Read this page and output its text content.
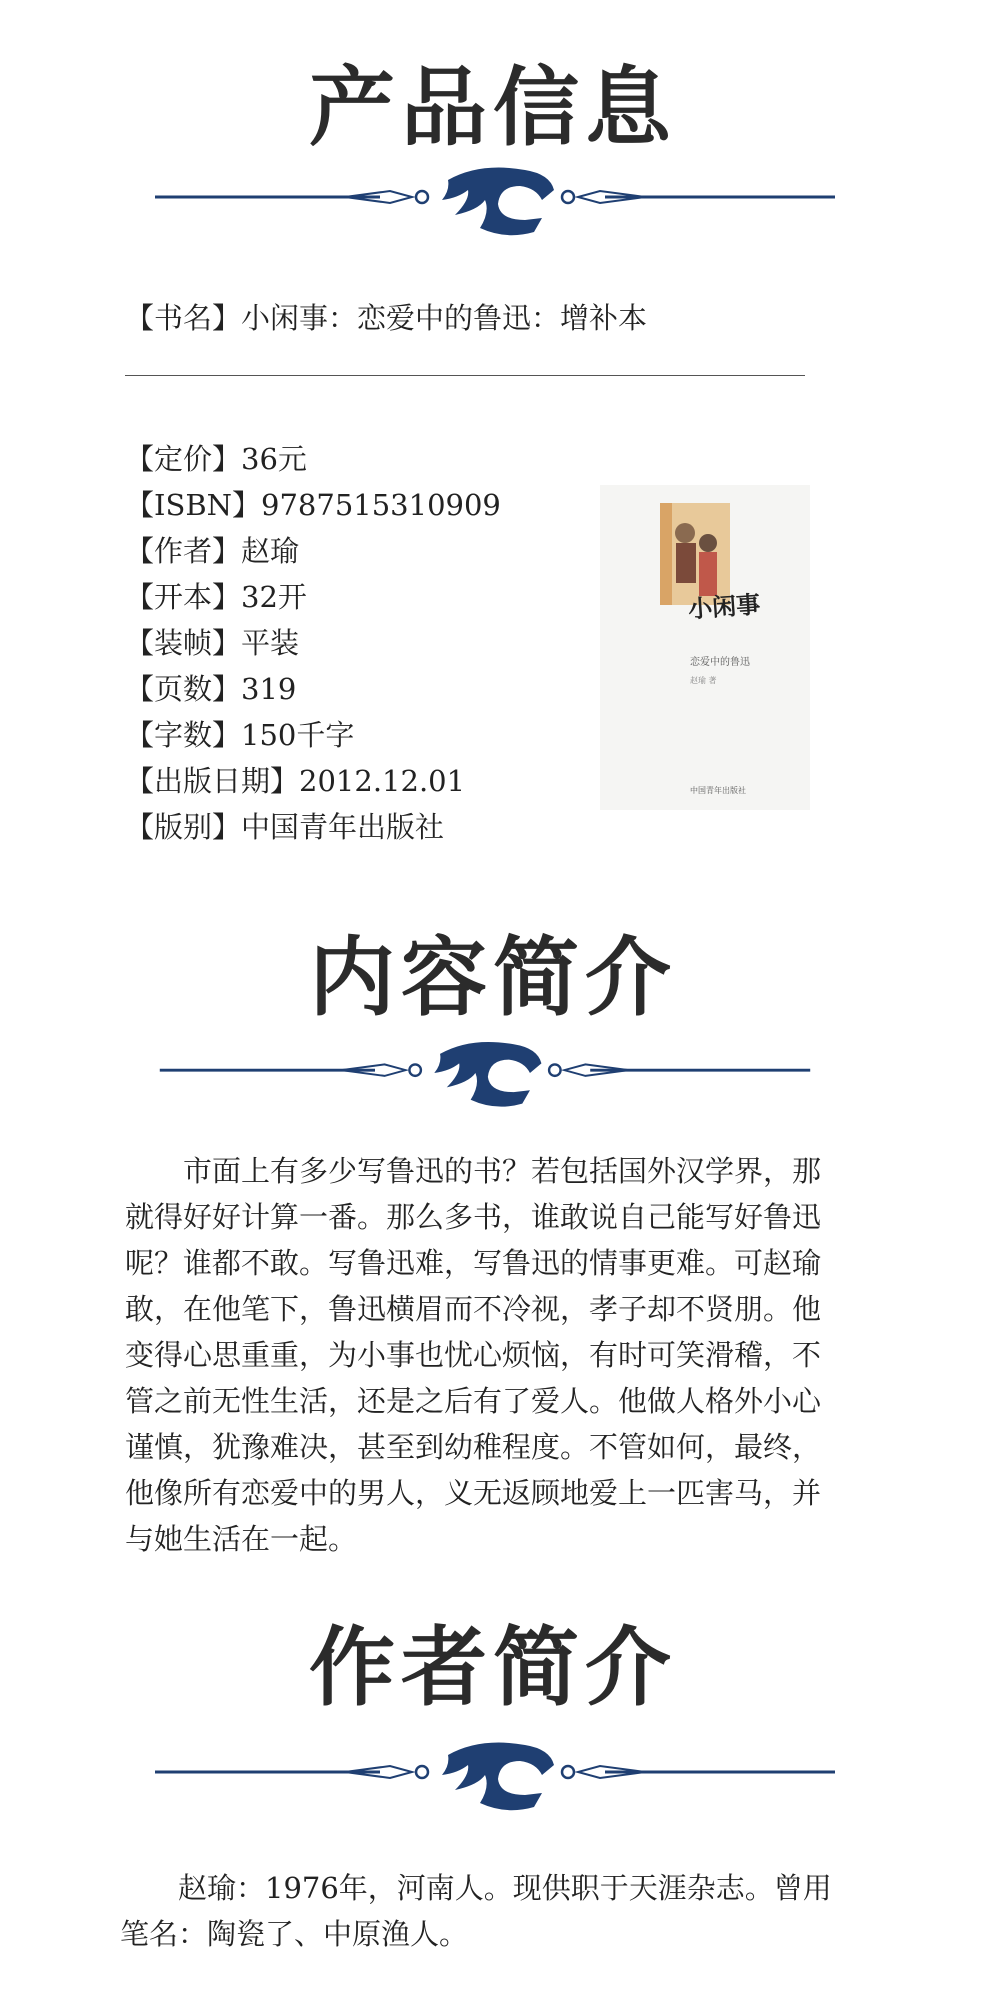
产品信息
【书名】小闲事：恋爱中的鲁迅：增补本
【定价】36元
【ISBN】9787515310909
【作者】赵瑜
【开本】32开
【装帧】平装
【页数】319
【字数】150千字
【出版日期】2012.12.01
【版别】中国青年出版社
小闲事
恋爱中的鲁迅
赵瑜 著
中国青年出版社
内容简介
　　市面上有多少写鲁迅的书？若包括国外汉学界，那
就得好好计算一番。那么多书，谁敢说自己能写好鲁迅
呢？谁都不敢。写鲁迅难，写鲁迅的情事更难。可赵瑜
敢，在他笔下，鲁迅横眉而不冷视，孝子却不贤朋。他
变得心思重重，为小事也忧心烦恼，有时可笑滑稽，不
管之前无性生活，还是之后有了爱人。他做人格外小心
谨慎，犹豫难决，甚至到幼稚程度。不管如何，最终，
他像所有恋爱中的男人，义无返顾地爱上一匹害马，并
与她生活在一起。
作者简介
　　赵瑜：1976年，河南人。现供职于天涯杂志。曾用
笔名：陶瓷了、中原渔人。
